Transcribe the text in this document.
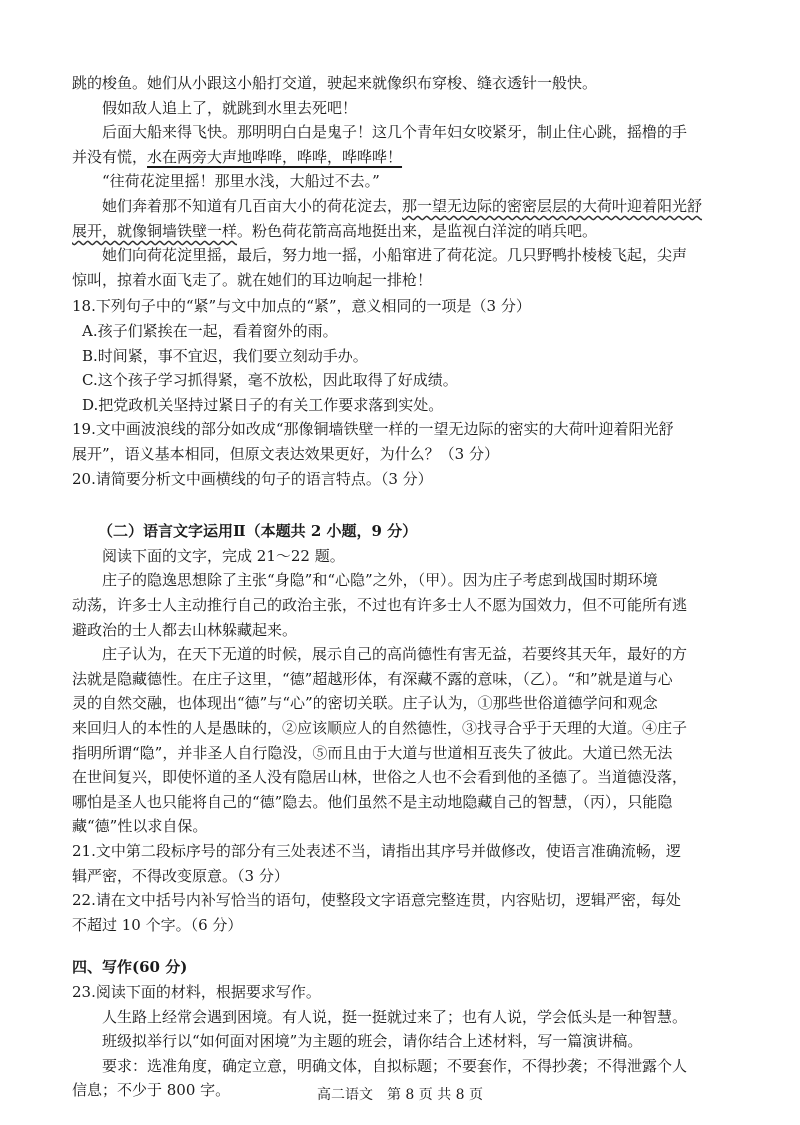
跳的梭鱼。她们从小跟这小船打交道，驶起来就像织布穿梭、缝衣透针一般快。
假如敌人追上了，就跳到水里去死吧！
后面大船来得飞快。那明明白白是鬼子！这几个青年妇女咬紧牙，制止住心跳，摇橹的手
并没有慌，水在两旁大声地哗哗，哗哗，哗哗哗！
“往荷花淀里摇！那里水浅，大船过不去。”
她们奔着那不知道有几百亩大小的荷花淀去，那一望无边际的密密层层的大荷叶迎着阳光舒
展开，就像铜墙铁壁一样。粉色荷花箭高高地挺出来，是监视白洋淀的哨兵吧。
她们向荷花淀里摇，最后，努力地一摇，小船窜进了荷花淀。几只野鸭扑棱棱飞起，尖声
惊叫，掠着水面飞走了。就在她们的耳边响起一排枪！
18.下列句子中的“紧”与文中加点的“紧”，意义相同的一项是（3 分）
A.孩子们紧挨在一起，看着窗外的雨。
B.时间紧，事不宜迟，我们要立刻动手办。
C.这个孩子学习抓得紧，毫不放松，因此取得了好成绩。
D.把党政机关坚持过紧日子的有关工作要求落到实处。
19.文中画波浪线的部分如改成“那像铜墙铁壁一样的一望无边际的密实的大荷叶迎着阳光舒
展开”，语义基本相同，但原文表达效果更好，为什么？（3 分）
20.请简要分析文中画横线的句子的语言特点。（3 分）
（二）语言文字运用Ⅱ（本题共 2 小题，9 分）
阅读下面的文字，完成 21～22 题。
庄子的隐逸思想除了主张“身隐”和“心隐”之外，（甲）。因为庄子考虑到战国时期环境
动荡，许多士人主动推行自己的政治主张，不过也有许多士人不愿为国效力，但不可能所有逃
避政治的士人都去山林躲藏起来。
庄子认为，在天下无道的时候，展示自己的高尚德性有害无益，若要终其天年，最好的方
法就是隐藏德性。在庄子这里，“德”超越形体，有深藏不露的意味，（乙）。“和”就是道与心
灵的自然交融，也体现出“德”与“心”的密切关联。庄子认为，①那些世俗道德学问和观念
来回归人的本性的人是愚昧的，②应该顺应人的自然德性，③找寻合乎于天理的大道。④庄子
指明所谓“隐”，并非圣人自行隐没，⑤而且由于大道与世道相互丧失了彼此。大道已然无法
在世间复兴，即使怀道的圣人没有隐居山林，世俗之人也不会看到他的圣德了。当道德没落，
哪怕是圣人也只能将自己的“德”隐去。他们虽然不是主动地隐藏自己的智慧，（丙），只能隐
藏“德”性以求自保。
21.文中第二段标序号的部分有三处表述不当，请指出其序号并做修改，使语言准确流畅，逻
辑严密，不得改变原意。（3 分）
22.请在文中括号内补写恰当的语句，使整段文字语意完整连贯，内容贴切，逻辑严密，每处
不超过 10 个字。（6 分）
四、写作(60 分)
23.阅读下面的材料，根据要求写作。
人生路上经常会遇到困境。有人说，挺一挺就过来了；也有人说，学会低头是一种智慧。
班级拟举行以“如何面对困境”为主题的班会，请你结合上述材料，写一篇演讲稿。
要求：选准角度，确定立意，明确文体，自拟标题；不要套作，不得抄袭；不得泄露个人
信息；不少于 800 字。	高二语文　第 8 页 共 8 页
